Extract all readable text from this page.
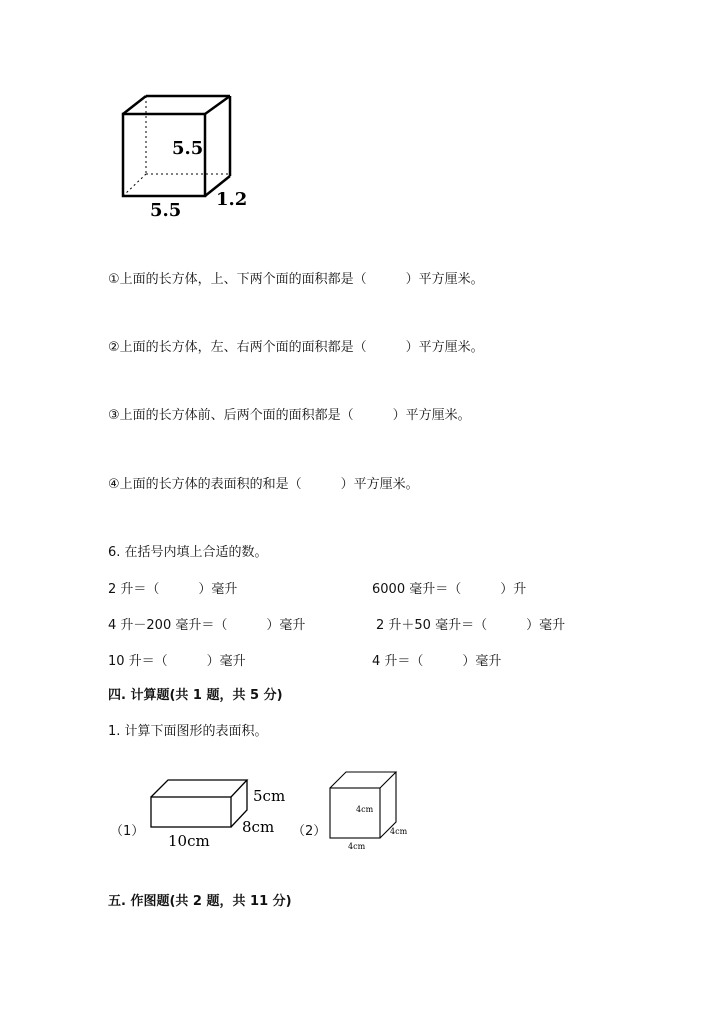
5.5
5.5
1.2
①上面的长方体，上、下两个面的面积都是（　　　）平方厘米。
②上面的长方体，左、右两个面的面积都是（　　　）平方厘米。
③上面的长方体前、后两个面的面积都是（　　　）平方厘米。
④上面的长方体的表面积的和是（　　　）平方厘米。
6. 在括号内填上合适的数。
2 升＝（　　　）毫升	6000 毫升＝（　　　）升
4 升－200 毫升＝（　　　）毫升	2 升＋50 毫升＝（　　　）毫升
10 升＝（　　　）毫升	4 升＝（　　　）毫升
四. 计算题(共 1 题，共 5 分)
1. 计算下面图形的表面积。
（1）
5cm
8cm
10cm
（2）
4cm
4cm
4cm
五. 作图题(共 2 题，共 11 分)
